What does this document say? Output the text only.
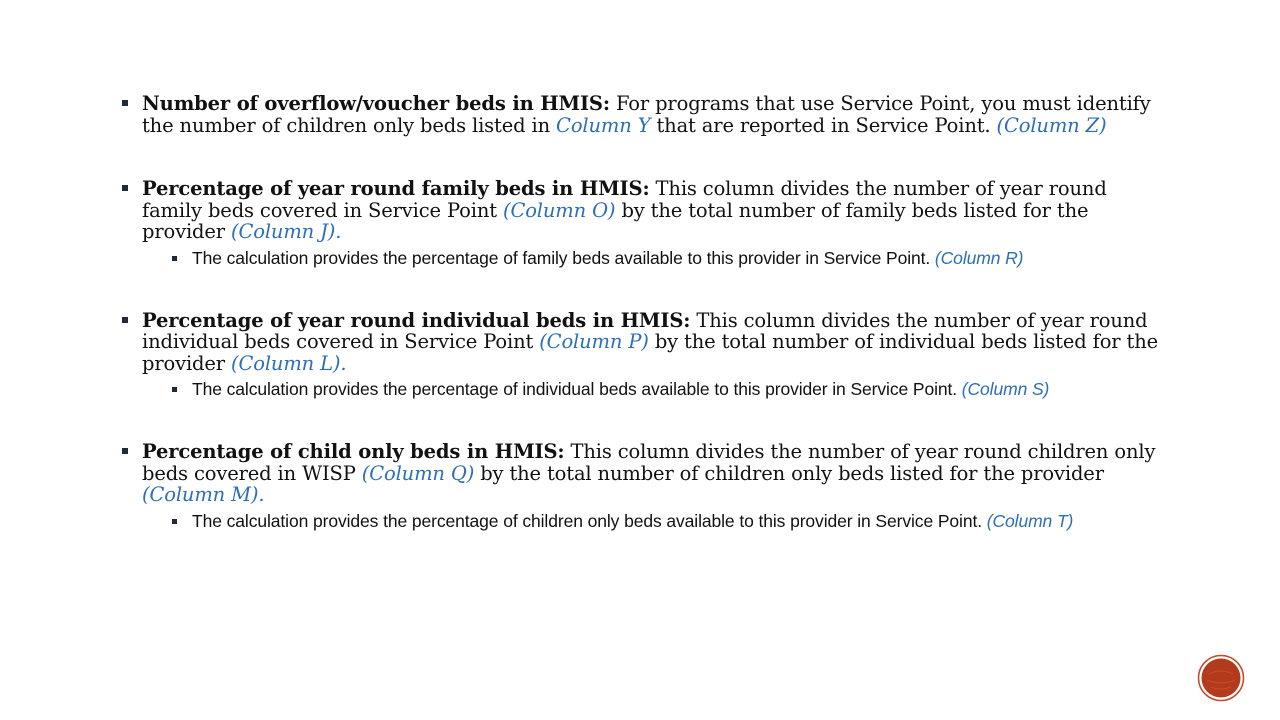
Number of overflow/voucher beds in HMIS: For programs that use Service Point, you must identify the number of children only beds listed in Column Y that are reported in Service Point. (Column Z)
Percentage of year round family beds in HMIS: This column divides the number of year round family beds covered in Service Point (Column O) by the total number of family beds listed for the provider (Column J).
The calculation provides the percentage of family beds available to this provider in Service Point. (Column R)
Percentage of year round individual beds in HMIS: This column divides the number of year round individual beds covered in Service Point (Column P) by the total number of individual beds listed for the provider (Column L).
The calculation provides the percentage of individual beds available to this provider in Service Point. (Column S)
Percentage of child only beds in HMIS: This column divides the number of year round children only beds covered in WISP (Column Q) by the total number of children only beds listed for the provider (Column M).
The calculation provides the percentage of children only beds available to this provider in Service Point. (Column T)
